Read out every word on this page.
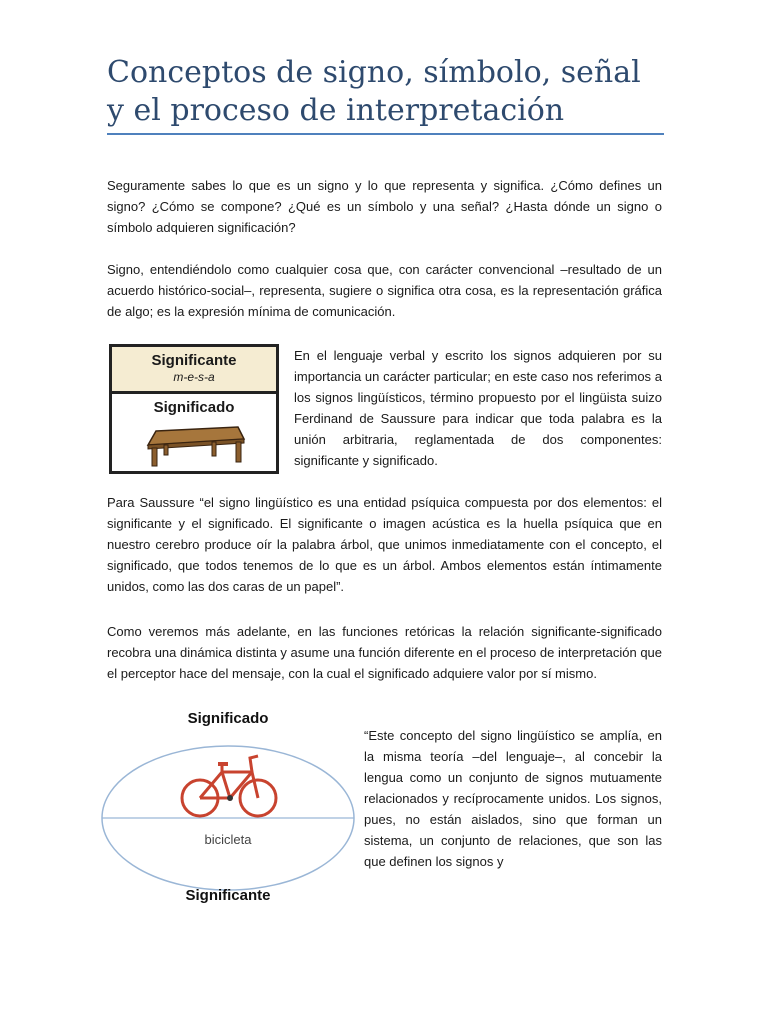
Conceptos de signo, símbolo, señal y el proceso de interpretación

Seguramente sabes lo que es un signo y lo que representa y significa. ¿Cómo defines un signo? ¿Cómo se compone? ¿Qué es un símbolo y una señal? ¿Hasta dónde un signo o símbolo adquieren significación?

Signo, entendiéndolo como cualquier cosa que, con carácter convencional –resultado de un acuerdo histórico-social–, representa, sugiere o significa otra cosa, es la representación gráfica de algo; es la expresión mínima de comunicación.

Significante
m-e-s-a
Significado

En el lenguaje verbal y escrito los signos adquieren por su importancia un carácter particular; en este caso nos referimos a los signos lingüísticos, término propuesto por el lingüista suizo Ferdinand de Saussure para indicar que toda palabra es la unión arbitraria, reglamentada de dos componentes: significante y significado.

Para Saussure “el signo lingüístico es una entidad psíquica compuesta por dos elementos: el significante y el significado. El significante o imagen acústica es la huella psíquica que en nuestro cerebro produce oír la palabra árbol, que unimos inmediatamente con el concepto, el significado, que todos tenemos de lo que es un árbol. Ambos elementos están íntimamente unidos, como las dos caras de un papel”.

Como veremos más adelante, en las funciones retóricas la relación significante-significado recobra una dinámica distinta y asume una función diferente en el proceso de interpretación que el perceptor hace del mensaje, con la cual el significado adquiere valor por sí mismo.

Significado
bicicleta
Significante

“Este concepto del signo lingüístico se amplía, en la misma teoría –del lenguaje–, al concebir la lengua como un conjunto de signos mutuamente relacionados y recíprocamente unidos. Los signos, pues, no están aislados, sino que forman un sistema, un conjunto de relaciones, que son las que definen los signos y
